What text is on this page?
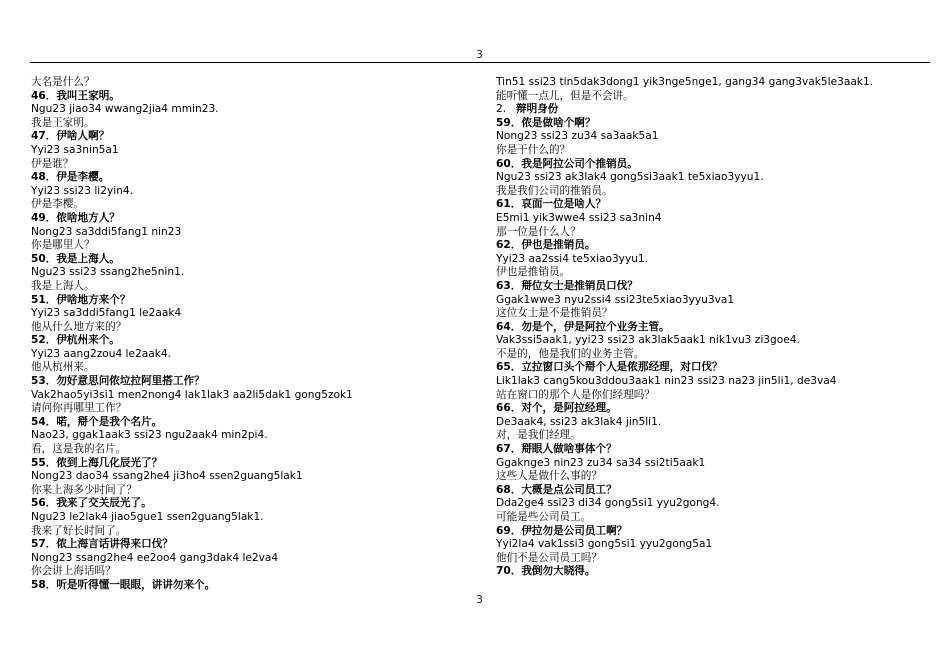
3
大名是什么？
46．我叫王家明。
Ngu23 jiao34 wwang2jia4 mmin23.
我是王家明。
47．伊啥人啊？
Yyi23 sa3nin5a1
伊是谁？
48．伊是李樱。
Yyi23 ssi23 li2yin4.
伊是李樱。
49．侬啥地方人？
Nong23 sa3ddi5fang1 nin23
你是哪里人？
50．我是上海人。
Ngu23 ssi23 ssang2he5nin1.
我是上海人。
51．伊啥地方来个？
Yyi23 sa3ddi5fang1 le2aak4
他从什么地方来的？
52．伊杭州来个。
Yyi23 aang2zou4 le2aak4.
他从杭州来。
53．勿好意思问侬垃拉阿里搭工作？
Vak2hao5yi3si1 men2nong4 lak1lak3 aa2li5dak1 gong5zok1
请问你再哪里工作？
54．喏，搿个是我个名片。
Nao23, ggak1aak3 ssi23 ngu2aak4 min2pi4.
看，这是我的名片。
55．侬到上海几化辰光了？
Nong23 dao34 ssang2he4 ji3ho4 ssen2guang5lak1
你来上海多少时间了？
56．我来了交关辰光了。
Ngu23 le2lak4 jiao5gue1 ssen2guang5lak1.
我来了好长时间了。
57．侬上海言话讲得来口伐？
Nong23 ssang2he4 ee2oo4 gang3dak4 le2va4
你会讲上海话吗？
58．听是听得懂一眼眼，讲讲勿来个。
Tin51 ssi23 tin5dak3dong1 yik3nge5nge1, gang34 gang3vak5le3aak1.
能听懂一点儿，但是不会讲。
2. 辩明身份
59．侬是做啥个啊？
Nong23 ssi23 zu34 sa3aak5a1
你是干什么的？
60．我是阿拉公司个推销员。
Ngu23 ssi23 ak3lak4 gong5si3aak1 te5xiao3yyu1.
我是我们公司的推销员。
61．哀面一位是啥人？
E5mi1 yik3wwe4 ssi23 sa3nin4
那一位是什么人？
62．伊也是推销员。
Yyi23 aa2ssi4 te5xiao3yyu1.
伊也是推销员。
63．搿位女士是推销员口伐？
Ggak1wwe3 nyu2ssi4 ssi23te5xiao3yyu3va1
这位女士是不是推销员？
64．勿是个，伊是阿拉个业务主管。
Vak3ssi5aak1, yyi23 ssi23 ak3lak5aak1 nik1vu3 zi3goe4.
不是的，他是我们的业务主管。
65．立拉窗口头个搿个人是侬那经理，对口伐？
Lik1lak3 cang5kou3ddou3aak1 nin23 ssi23 na23 jin5li1, de3va4
站在窗口的那个人是你们经理吗？
66．对个，是阿拉经理。
De3aak4, ssi23 ak3lak4 jin5li1.
对，是我们经理。
67．搿眼人做啥事体个？
Ggaknge3 nin23 zu34 sa34 ssi2ti5aak1
这些人是做什么事的？
68．大概是点公司员工？
Dda2ge4 ssi23 di34 gong5si1 yyu2gong4.
可能是些公司员工。
69．伊拉勿是公司员工啊？
Yyi2la4 vak1ssi3 gong5si1 yyu2gong5a1
他们不是公司员工吗？
70．我倒勿大晓得。
3
